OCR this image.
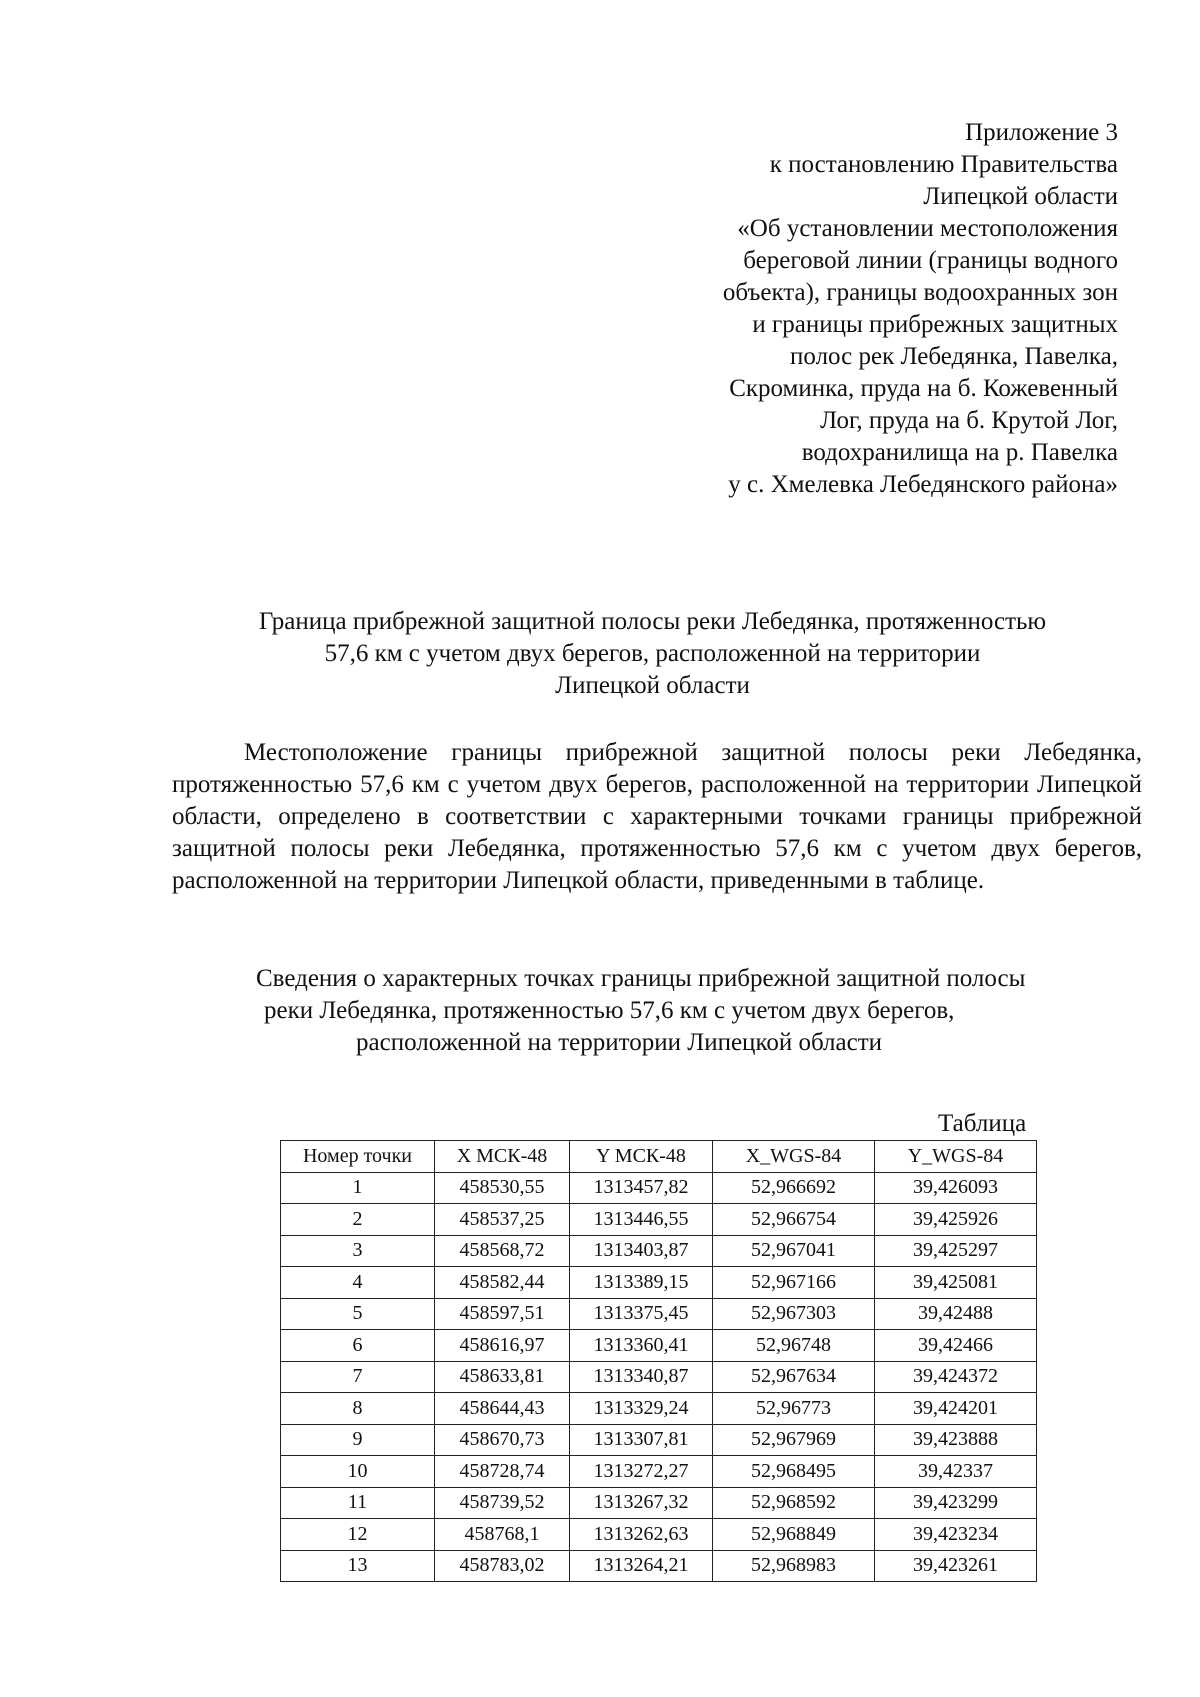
Приложение 3
к постановлению Правительства
Липецкой области
«Об установлении местоположения
береговой линии (границы водного
объекта), границы водоохранных зон
и границы прибрежных защитных
полос рек Лебедянка, Павелка,
Скроминка, пруда на б. Кожевенный
Лог, пруда на б. Крутой Лог,
водохранилища на р. Павелка
у с. Хмелевка Лебедянского района»
Граница прибрежной защитной полосы реки Лебедянка, протяженностью
57,6 км с учетом двух берегов, расположенной на территории
Липецкой области

Местоположение границы прибрежной защитной полосы реки Лебедянка, протяженностью 57,6 км с учетом двух берегов, расположенной на территории Липецкой области, определено в соответствии с характерными точками границы прибрежной защитной полосы реки Лебедянка, протяженностью 57,6 км с учетом двух берегов, расположенной на территории Липецкой области, приведенными в таблице.

Сведения о характерных точках границы прибрежной защитной полосы
реки Лебедянка, протяженностью 57,6 км с учетом двух берегов,
расположенной на территории Липецкой области
Таблица
Номер точки	X МСК-48	Y МСК-48	X_WGS-84	Y_WGS-84
1	458530,55	1313457,82	52,966692	39,426093
2	458537,25	1313446,55	52,966754	39,425926
3	458568,72	1313403,87	52,967041	39,425297
4	458582,44	1313389,15	52,967166	39,425081
5	458597,51	1313375,45	52,967303	39,42488
6	458616,97	1313360,41	52,96748	39,42466
7	458633,81	1313340,87	52,967634	39,424372
8	458644,43	1313329,24	52,96773	39,424201
9	458670,73	1313307,81	52,967969	39,423888
10	458728,74	1313272,27	52,968495	39,42337
11	458739,52	1313267,32	52,968592	39,423299
12	458768,1	1313262,63	52,968849	39,423234
13	458783,02	1313264,21	52,968983	39,423261
